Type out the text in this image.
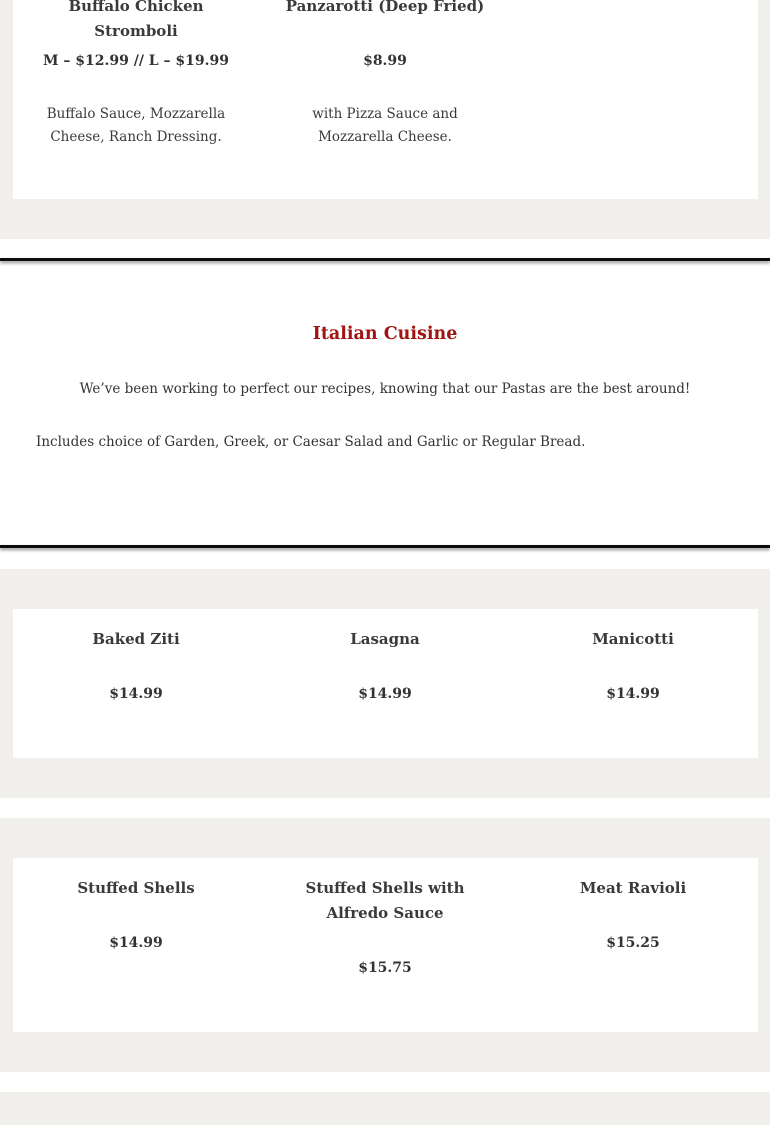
Buffalo Chicken Stromboli
M – $12.99 // L – $19.99
Buffalo Sauce, Mozzarella Cheese, Ranch Dressing.
Panzarotti (Deep Fried)
$8.99
with Pizza Sauce and Mozzarella Cheese.
Italian Cuisine
We’ve been working to perfect our recipes, knowing that our Pastas are the best around!
Includes choice of Garden, Greek, or Caesar Salad and Garlic or Regular Bread.
Baked Ziti
$14.99
Lasagna
$14.99
Manicotti
$14.99
Stuffed Shells
$14.99
Stuffed Shells with Alfredo Sauce
$15.75
Meat Ravioli
$15.25
